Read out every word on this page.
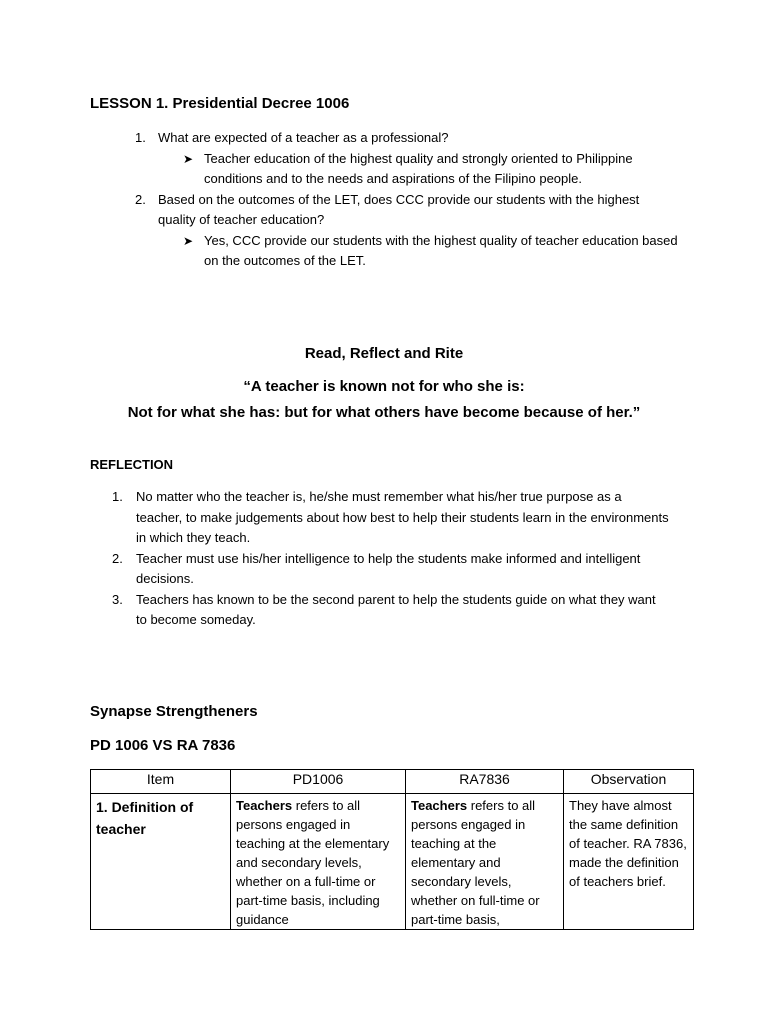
LESSON 1. Presidential Decree 1006
1. What are expected of a teacher as a professional?
➤ Teacher education of the highest quality and strongly oriented to Philippine conditions and to the needs and aspirations of the Filipino people.
2. Based on the outcomes of the LET, does CCC provide our students with the highest quality of teacher education?
➤ Yes, CCC provide our students with the highest quality of teacher education based on the outcomes of the LET.
Read, Reflect and Rite

“A teacher is known not for who she is:

Not for what she has: but for what others have become because of her.”

REFLECTION
1. No matter who the teacher is, he/she must remember what his/her true purpose as a teacher, to make judgements about how best to help their students learn in the environments in which they teach.
2. Teacher must use his/her intelligence to help the students make informed and intelligent decisions.
3. Teachers has known to be the second parent to help the students guide on what they want to become someday.
Synapse Strengtheners
PD 1006 VS RA 7836
Item	PD1006	RA7836	Observation
1. Definition of teacher	Teachers refers to all persons engaged in teaching at the elementary and secondary levels, whether on a full-time or part-time basis, including guidance	Teachers refers to all persons engaged in teaching at the elementary and secondary levels, whether on full-time or part-time basis,	They have almost the same definition of teacher. RA 7836, made the definition of teachers brief.
